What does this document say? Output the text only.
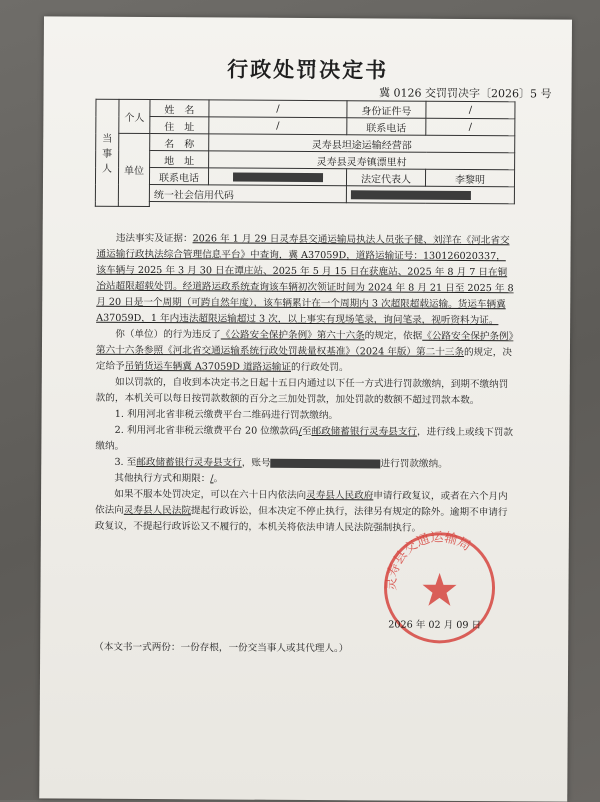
行政处罚决定书
冀 0126 交罚罚决字〔2026〕5 号
当事人	个人	姓　名	/	身份证件号	/
		住　址	/	联系电话	/
	单位	名　称	灵寿县坦途运输经营部		
		地　址	灵寿县灵寿镇漂里村		
		联系电话		法定代表人	李黎明
		统一社会信用代码			

违法事实及证据：2026 年 1 月 29 日灵寿县交通运输局执法人员张子健、刘洋在《河北省交通运输行政执法综合管理信息平台》中查询，冀 A37059D，道路运输证号：130126020337，该车辆与 2025 年 3 月 30 日在谭庄站、2025 年 5 月 15 日在获鹿站、2025 年 8 月 7 日在铜冶站超限超载处罚。经道路运政系统查询该车辆初次领证时间为 2024 年 8 月 21 日至 2025 年 8 月 20 日是一个周期（可跨自然年度），该车辆累计在一个周期内 3 次超限超载运输。货运车辆冀 A37059D，1 年内违法超限运输超过 3 次，以上事实有现场笔录，询问笔录，视听资料为证。

你（单位）的行为违反了《公路安全保护条例》第六十六条的规定，依据《公路安全保护条例》第六十六条参照《河北省交通运输系统行政处罚裁量权基准》（2024 年版）第二十三条的规定，决定给予吊销货运车辆冀 A37059D 道路运输证的行政处罚。

如以罚款的，自收到本决定书之日起十五日内通过以下任一方式进行罚款缴纳，到期不缴纳罚款的，本机关可以每日按罚款数额的百分之三加处罚款，加处罚款的数额不超过罚款本数。

1. 利用河北省非税云缴费平台二维码进行罚款缴纳。

2. 利用河北省非税云缴费平台 20 位缴款码/至邮政储蓄银行灵寿县支行，进行线上或线下罚款缴纳。

3. 至邮政储蓄银行灵寿县支行，账号	进行罚款缴纳。

其他执行方式和期限：/。

如果不服本处罚决定，可以在六十日内依法向灵寿县人民政府申请行政复议，或者在六个月内依法向灵寿县人民法院提起行政诉讼，但本决定不停止执行，法律另有规定的除外。逾期不申请行政复议，不提起行政诉讼又不履行的，本机关将依法申请人民法院强制执行。

灵寿县交通运输局
2026 年 02 月 09 日
（本文书一式两份：一份存根，一份交当事人或其代理人。）
